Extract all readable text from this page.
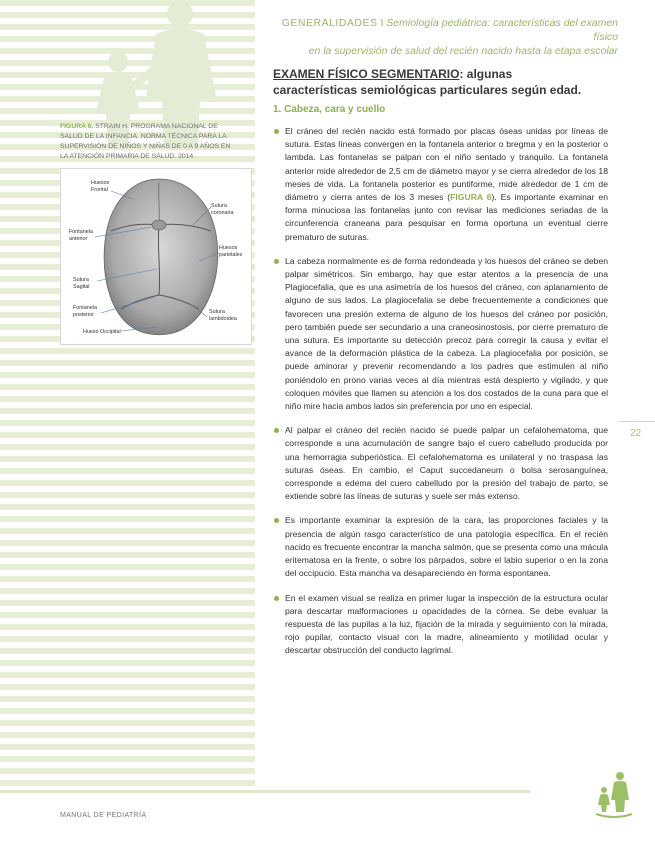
GENERALIDADES I Semiología pediátrica: características del examen físico
en la supervisión de salud del recién nacido hasta la etapa escolar
EXAMEN FÍSICO SEGMENTARIO: algunas
características semiológicas particulares según edad.
1. Cabeza, cara y cuello
El cráneo del recién nacido está formado por placas óseas unidas por líneas de sutura. Estas líneas convergen en la fontanela anterior o bregma y en la posterior o lambda. Las fontanelas se palpan con el niño sentado y tranquilo. La fontanela anterior mide alrededor de 2,5 cm de diámetro mayor y se cierra alrededor de los 18 meses de vida. La fontanela posterior es puntiforme, mide alrededor de 1 cm de diámetro y cierra antes de los 3 meses (FIGURA 6). Es importante examinar en forma minuciosa las fontanelas junto con revisar las mediciones seriadas de la circunferencia craneana para pesquisar en forma oportuna un eventual cierre prematuro de suturas.
La cabeza normalmente es de forma redondeada y los huesos del cráneo se deben palpar simétricos. Sin embargo, hay que estar atentos a la presencia de una Plagiocefalia, que es una asimetría de los huesos del cráneo, con aplanamiento de alguno de sus lados. La plagiocefalia se debe frecuentemente a condiciones que favorecen una presión externa de alguno de los huesos del cráneo por posición, pero también puede ser secundario a una craneosinostosis, por cierre prematuro de una sutura. Es importante su detección precoz para corregir la causa y evitar el avance de la deformación plástica de la cabeza. La plagiocefalia por posición, se puede aminorar y prevenir recomendando a los padres que estimulen al niño poniéndolo en prono varias veces al día mientras está despierto y vigilado, y que coloquen móviles que llamen su atención a los dos costados de la cuna para que el niño mire hacia ambos lados sin preferencia por uno en especial.
Al palpar el cráneo del recién nacido se puede palpar un cefalohematoma, que corresponde a una acumulación de sangre bajo el cuero cabelludo producida por una hemorragia subperióstica. El cefalohematoma es unilateral y no traspasa las suturas óseas. En cambio, el Caput succedaneum o bolsa serosanguínea, corresponde a edema del cuero cabelludo por la presión del trabajo de parto, se extiende sobre las líneas de suturas y suele ser más extenso.
Es importante examinar la expresión de la cara, las proporciones faciales y la presencia de algún rasgo característico de una patología específica. En el recién nacido es frecuente encontrar la mancha salmón, que se presenta como una mácula eritematosa en la frente, o sobre los párpados, sobre el labio superior o en la zona del occipucio. Esta mancha va desapareciendo en forma espontanea.
En el examen visual se realiza en primer lugar la inspección de la estructura ocular para descartar malformaciones u opacidades de la córnea. Se debe evaluar la respuesta de las pupilas a la luz, fijación de la mirada y seguimiento con la mirada, rojo pupilar, contacto visual con la madre, alineamiento y motilidad ocular y descartar obstrucción del conducto lagrimal.
FIGURA 6. STRAIN H. PROGRAMA NACIONAL DE SALUD DE LA INFANCIA. NORMA TÉCNICA PARA LA SUPERVISIÓN DE NIÑOS Y NIÑAS DE 0 A 9 AÑOS EN LA ATENCIÓN PRIMARIA DE SALUD. 2014.
Huesos
Frontal
Sutura
coronaria
Fontanela
anterior
Huesos
parietales
Sutura
Sagital
Fontanela
posterior	Sutura
lambdoidea
Hueso Occipital
22
MANUAL DE PEDIATRÍA
